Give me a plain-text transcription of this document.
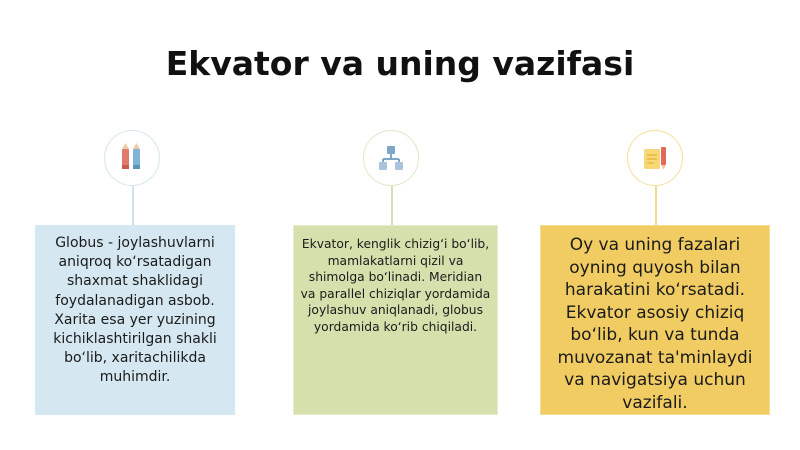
Ekvator va uning vazifasi
Globus - joylashuvlarni aniqroq ko‘rsatadigan shaxmat shaklidagi foydalanadigan asbob. Xarita esa yer yuzining kichiklashtirilgan shakli bo‘lib, xaritachilikda muhimdir.
Ekvator, kenglik chizig‘i bo‘lib, mamlakatlarni qizil va shimolga bo‘linadi. Meridian va parallel chiziqlar yordamida joylashuv aniqlanadi, globus yordamida ko‘rib chiqiladi.
Oy va uning fazalari oyning quyosh bilan harakatini ko‘rsatadi. Ekvator asosiy chiziq bo‘lib, kun va tunda muvozanat ta'minlaydi va navigatsiya uchun vazifali.
